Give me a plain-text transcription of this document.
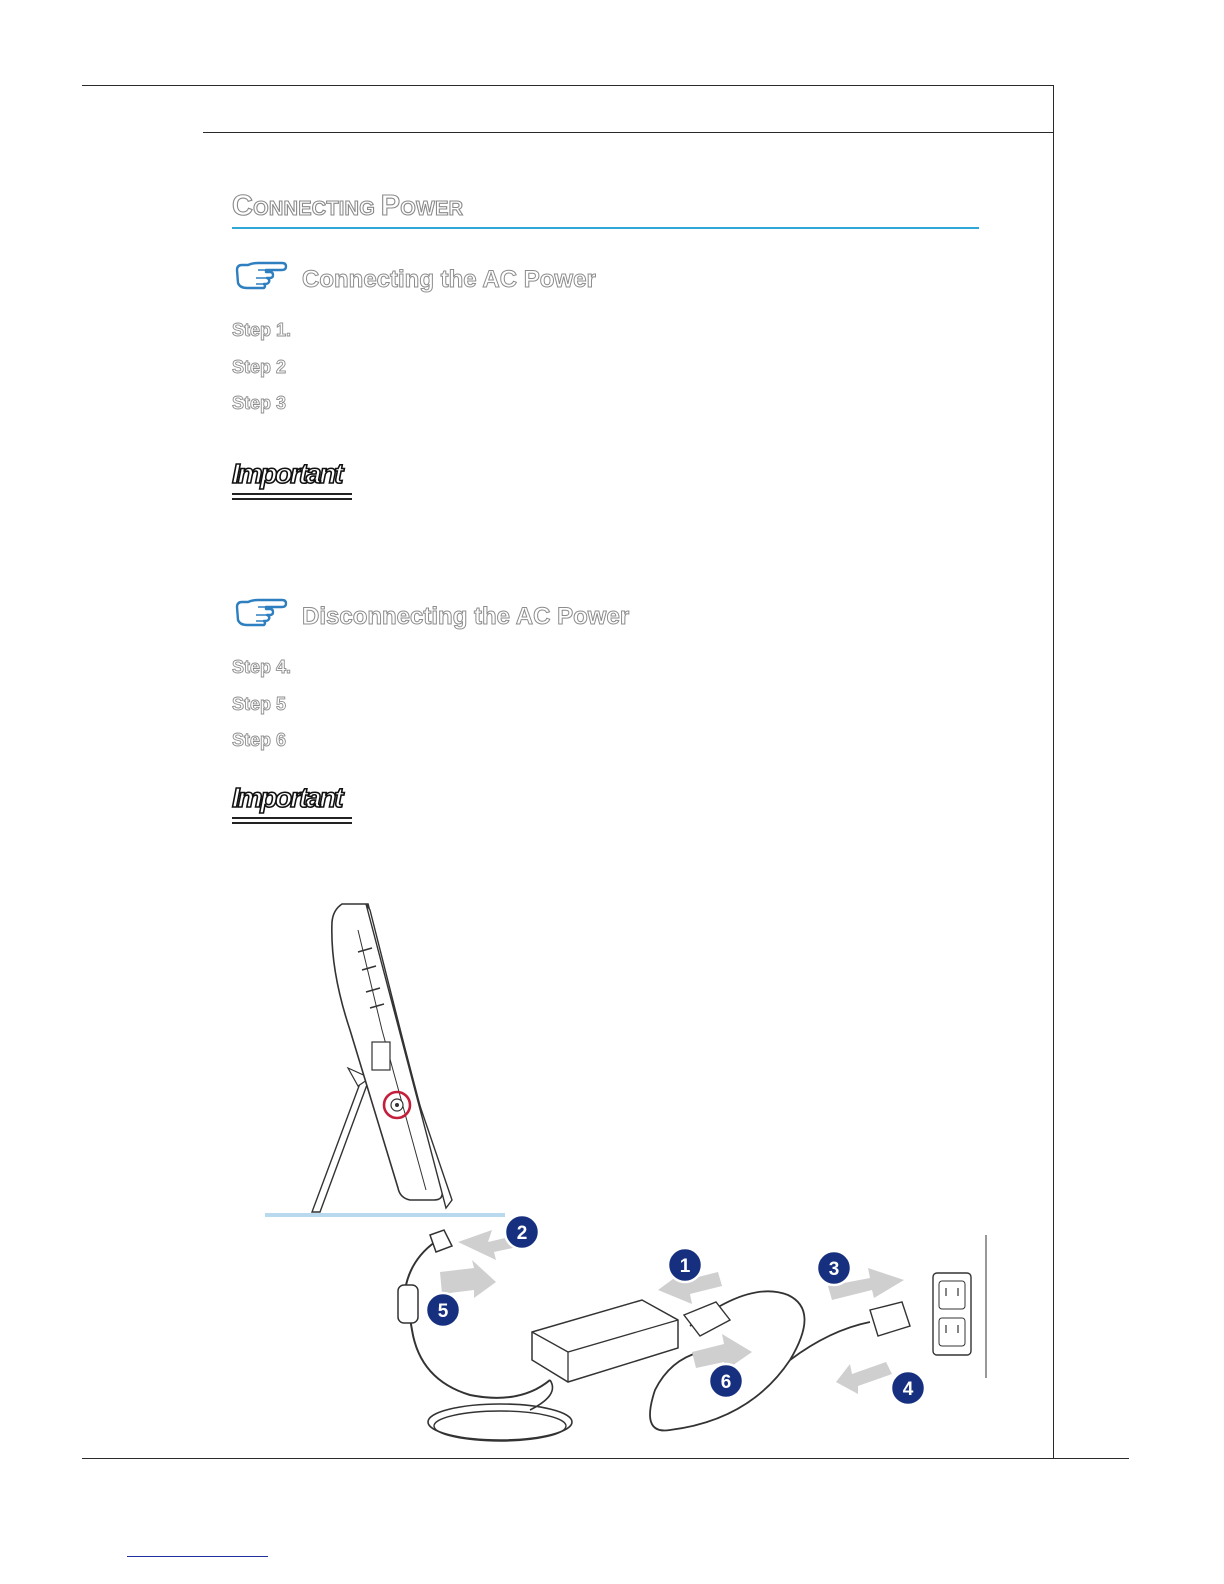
CONNECTING POWER
Connecting the AC Power
Step 1.
Step 2
Step 3
Important
Disconnecting the AC Power
Step 4.
Step 5
Step 6
Important
1
2
3
4
5
6
